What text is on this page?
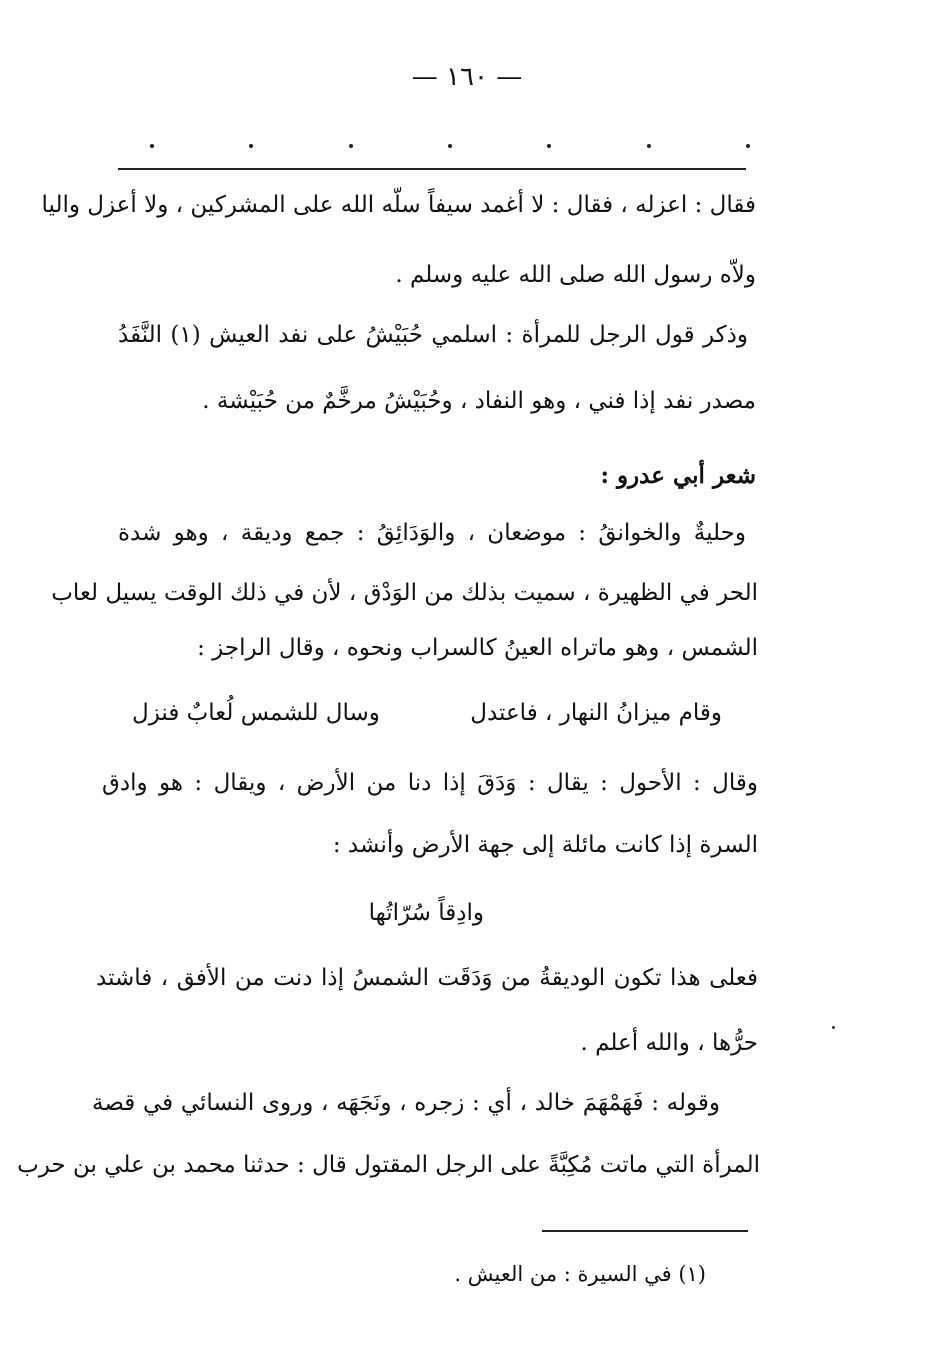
— ١٦٠ —
فقال : اعزله ، فقال : لا أغمد سيفاً سلّه الله على المشركين ، ولا أعزل واليا
ولاّه رسول الله صلى الله عليه وسلم .
وذكر قول الرجل للمرأة : اسلمي حُبَيْشُ على نفد العيش (١) النَّفَدُ
مصدر نفد إذا فني ، وهو النفاد ، وحُبَيْشُ مرخَّمٌ من حُبَيْشة .
شعر أبي عدرو :
وحليةٌ والخوانقُ : موضعان ، والوَدَائِقُ : جمع وديقة ، وهو شدة
الحر في الظهيرة ، سميت بذلك من الوَدْق ، لأن في ذلك الوقت يسيل لعاب
الشمس ، وهو ماتراه العينُ كالسراب ونحوه ، وقال الراجز :
وقام ميزانُ النهار ، فاعتدل
وسال للشمس لُعابٌ فنزل
وقال : الأحول : يقال : وَدَقَ إذا دنا من الأرض ، ويقال : هو وادق
السرة إذا كانت مائلة إلى جهة الأرض وأنشد :
وادِقاً سُرّاتُها
فعلى هذا تكون الوديقةُ من وَدَقَت الشمسُ إذا دنت من الأفق ، فاشتد
حرُّها ، والله أعلم .
وقوله : فَهَمْهَمَ خالد ، أي : زجره ، ونَجَهَه ، وروى النسائي في قصة
المرأة التي ماتت مُكِبَّةً على الرجل المقتول قال : حدثنا محمد بن علي بن حرب
(١) في السيرة : من العيش .
